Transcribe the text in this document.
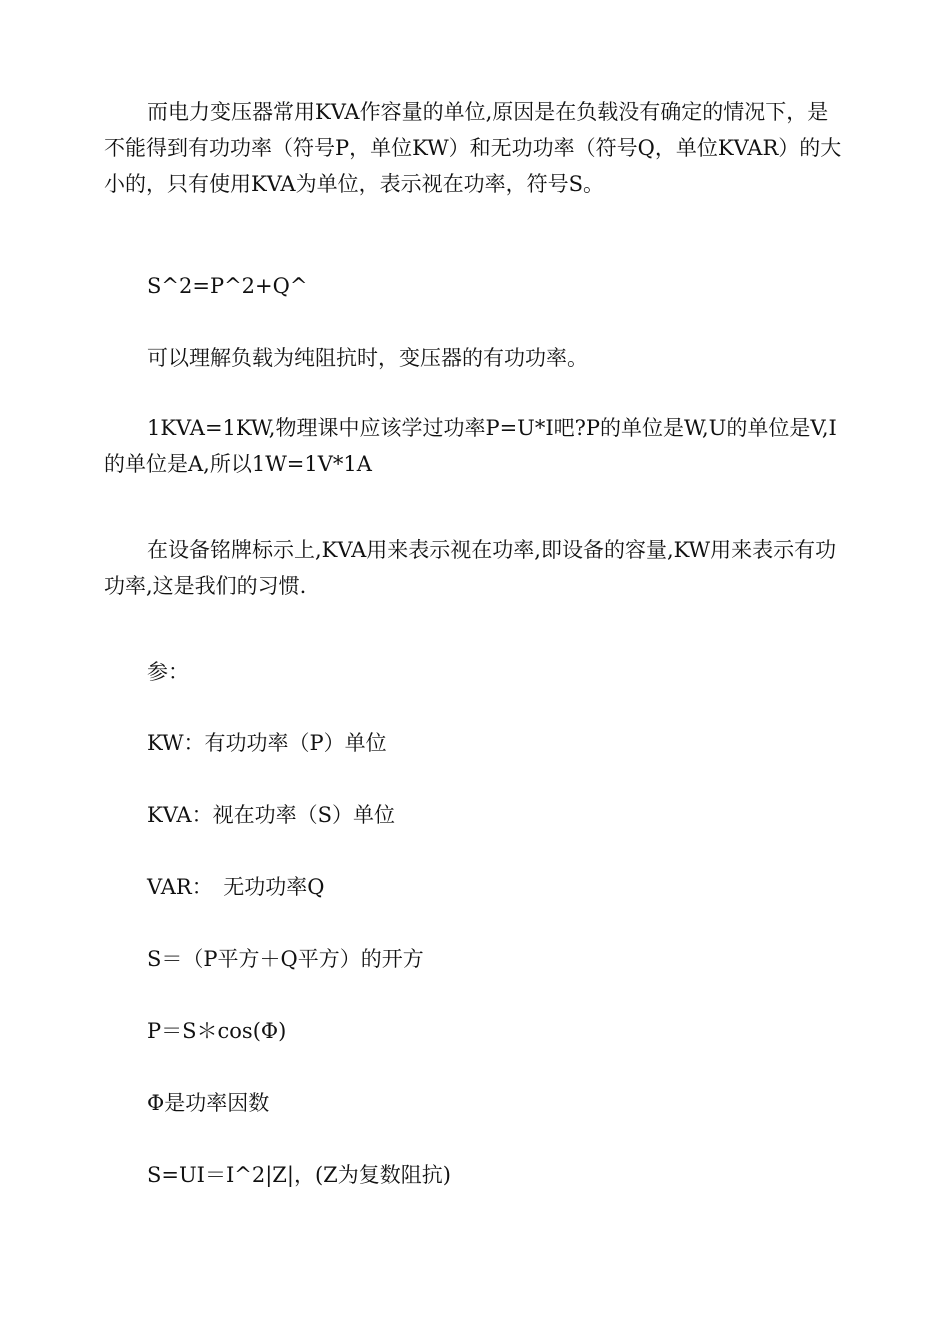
而电力变压器常用KVA作容量的单位,原因是在负载没有确定的情况下，是不能得到有功功率（符号P，单位KW）和无功功率（符号Q，单位KVAR）的大小的，只有使用KVA为单位，表示视在功率，符号S。

S^2=P^2+Q^

可以理解负载为纯阻抗时，变压器的有功功率。

1KVA=1KW,物理课中应该学过功率P=U*I吧?P的单位是W,U的单位是V,I的单位是A,所以1W=1V*1A

在设备铭牌标示上,KVA用来表示视在功率,即设备的容量,KW用来表示有功功率,这是我们的习惯.

参：

KW：有功功率（P）单位

KVA：视在功率（S）单位

VAR：　无功功率Q

S＝（P平方＋Q平方）的开方

P＝S＊cos(Φ)

Φ是功率因数

S=UI＝I^2|Z|，(Z为复数阻抗)
